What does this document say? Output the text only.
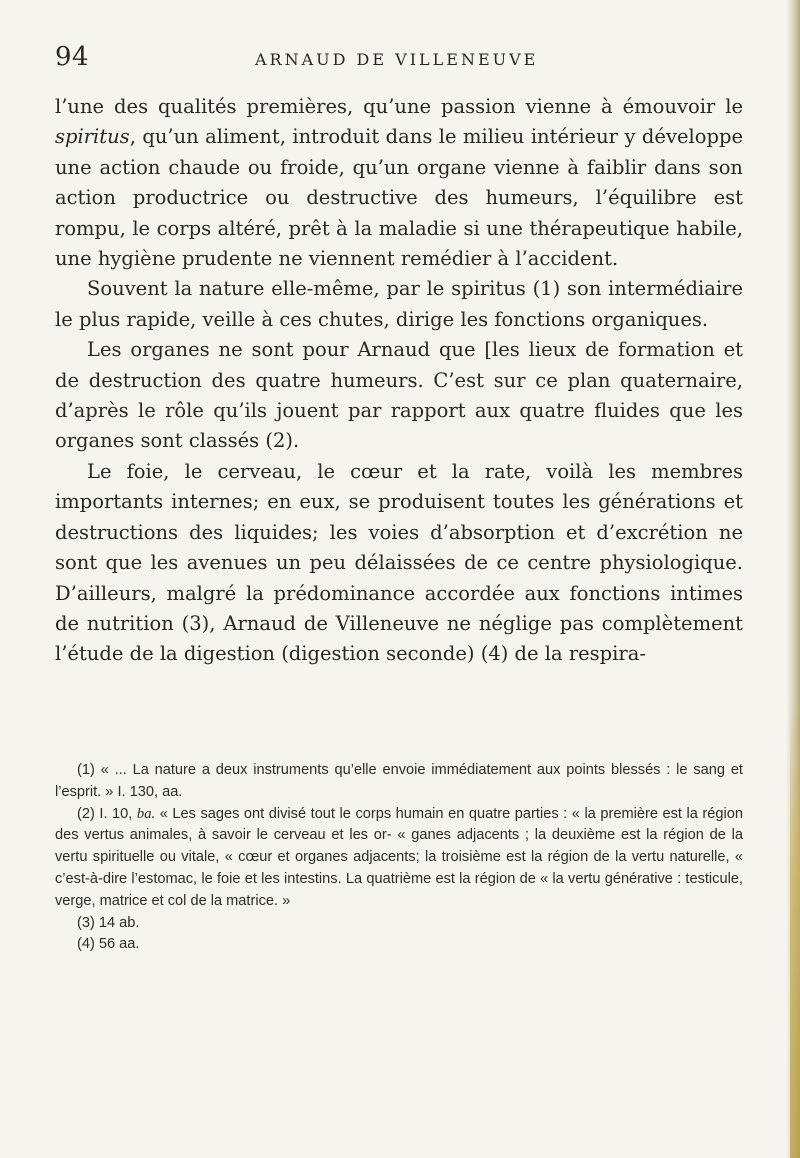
94	ARNAUD DE VILLENEUVE

l’une des qualités premières, qu’une passion vienne à émouvoir le spiritus, qu’un aliment, introduit dans le milieu intérieur y développe une action chaude ou froide, qu’un organe vienne à faiblir dans son action productrice ou destructive des humeurs, l’équilibre est rompu, le corps altéré, prêt à la maladie si une thérapeutique habile, une hygiène prudente ne viennent remédier à l’accident.

Souvent la nature elle-même, par le spiritus (1) son intermédiaire le plus rapide, veille à ces chutes, dirige les fonctions organiques.

Les organes ne sont pour Arnaud que [les lieux de formation et de destruction des quatre humeurs. C’est sur ce plan quaternaire, d’après le rôle qu’ils jouent par rapport aux quatre fluides que les organes sont classés (2).

Le foie, le cerveau, le cœur et la rate, voilà les membres importants internes; en eux, se produisent toutes les générations et destructions des liquides; les voies d’absorption et d’excrétion ne sont que les avenues un peu délaissées de ce centre physiologique. D’ailleurs, malgré la prédominance accordée aux fonctions intimes de nutrition (3), Arnaud de Villeneuve ne néglige pas complètement l’étude de la digestion (digestion seconde) (4) de la respira-

(1) « ... La nature a deux instruments qu’elle envoie immédiatement aux points blessés : le sang et l’esprit. » I. 130, aa.

(2) I. 10, ba. « Les sages ont divisé tout le corps humain en quatre parties : « la première est la région des vertus animales, à savoir le cerveau et les or- « ganes adjacents ; la deuxième est la région de la vertu spirituelle ou vitale, « cœur et organes adjacents; la troisième est la région de la vertu naturelle, « c’est-à-dire l’estomac, le foie et les intestins. La quatrième est la région de « la vertu générative : testicule, verge, matrice et col de la matrice. »

(3) 14 ab.

(4) 56 aa.
